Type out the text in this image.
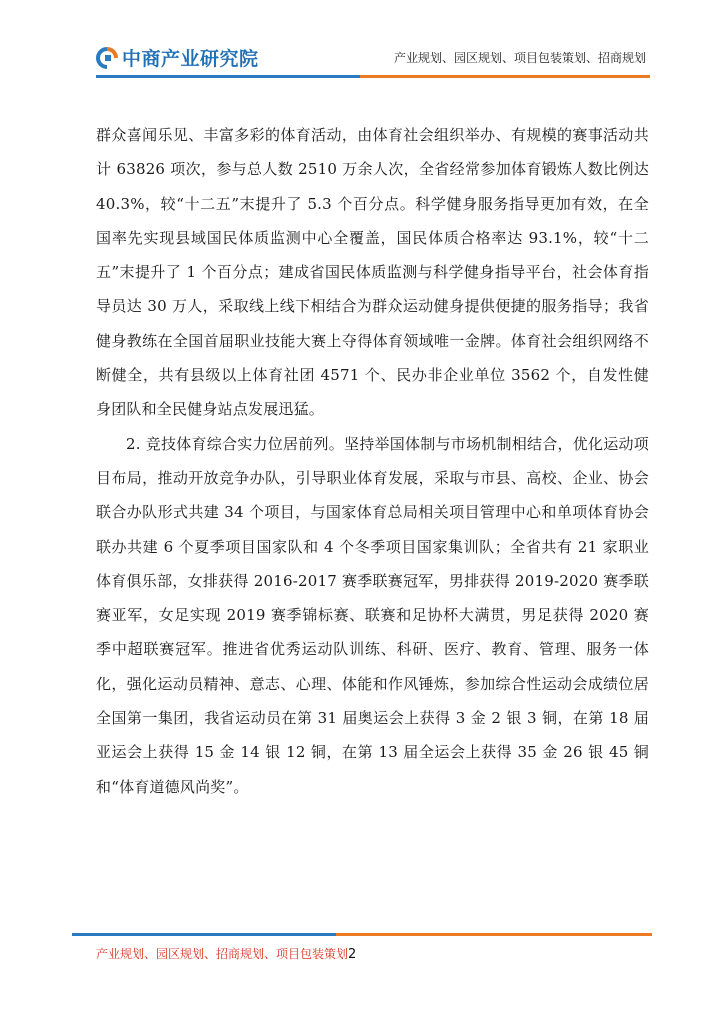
中商产业研究院	产业规划、园区规划、项目包装策划、招商规划

群众喜闻乐见、丰富多彩的体育活动，由体育社会组织举办、有规模的赛事活动共计 63826 项次，参与总人数 2510 万余人次，全省经常参加体育锻炼人数比例达 40.3%，较“十二五”末提升了 5.3 个百分点。科学健身服务指导更加有效，在全国率先实现县域国民体质监测中心全覆盖，国民体质合格率达 93.1%，较“十二五”末提升了 1 个百分点；建成省国民体质监测与科学健身指导平台，社会体育指导员达 30 万人，采取线上线下相结合为群众运动健身提供便捷的服务指导；我省健身教练在全国首届职业技能大赛上夺得体育领域唯一金牌。体育社会组织网络不断健全，共有县级以上体育社团 4571 个、民办非企业单位 3562 个，自发性健身团队和全民健身站点发展迅猛。

2. 竞技体育综合实力位居前列。坚持举国体制与市场机制相结合，优化运动项目布局，推动开放竞争办队，引导职业体育发展，采取与市县、高校、企业、协会联合办队形式共建 34 个项目，与国家体育总局相关项目管理中心和单项体育协会联办共建 6 个夏季项目国家队和 4 个冬季项目国家集训队；全省共有 21 家职业体育俱乐部，女排获得 2016-2017 赛季联赛冠军，男排获得 2019-2020 赛季联赛亚军，女足实现 2019 赛季锦标赛、联赛和足协杯大满贯，男足获得 2020 赛季中超联赛冠军。推进省优秀运动队训练、科研、医疗、教育、管理、服务一体化，强化运动员精神、意志、心理、体能和作风锤炼，参加综合性运动会成绩位居全国第一集团，我省运动员在第 31 届奥运会上获得 3 金 2 银 3 铜，在第 18 届亚运会上获得 15 金 14 银 12 铜，在第 13 届全运会上获得 35 金 26 银 45 铜和“体育道德风尚奖”。

产业规划、园区规划、招商规划、项目包装策划2
